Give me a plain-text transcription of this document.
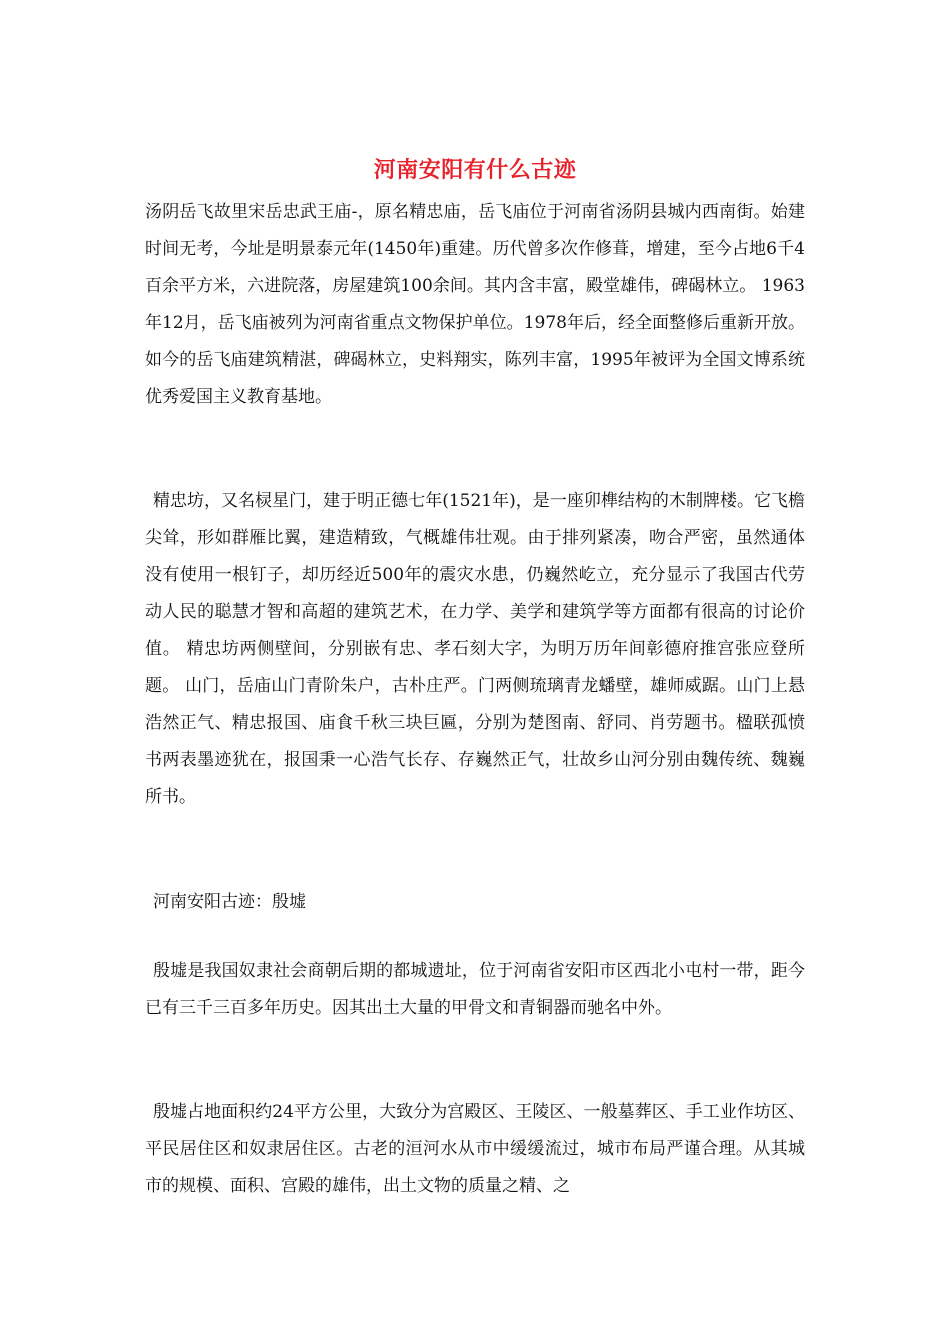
河南安阳有什么古迹

汤阴岳飞故里宋岳忠武王庙-，原名精忠庙，岳飞庙位于河南省汤阴县城内西南街。始建时间无考，今址是明景泰元年(1450年)重建。历代曾多次作修葺，增建，至今占地6千4百余平方米，六进院落，房屋建筑100余间。其内含丰富，殿堂雄伟，碑碣林立。 1963年12月，岳飞庙被列为河南省重点文物保护单位。1978年后，经全面整修后重新开放。如今的岳飞庙建筑精湛，碑碣林立，史料翔实，陈列丰富，1995年被评为全国文博系统优秀爱国主义教育基地。

精忠坊，又名棂星门，建于明正德七年(1521年)，是一座卯榫结构的木制牌楼。它飞檐尖耸，形如群雁比翼，建造精致，气概雄伟壮观。由于排列紧凑，吻合严密，虽然通体没有使用一根钉子，却历经近500年的震灾水患，仍巍然屹立，充分显示了我国古代劳动人民的聪慧才智和高超的建筑艺术，在力学、美学和建筑学等方面都有很高的讨论价值。 精忠坊两侧壁间，分别嵌有忠、孝石刻大字，为明万历年间彰德府推宫张应登所题。 山门，岳庙山门青阶朱户，古朴庄严。门两侧琉璃青龙蟠壁，雄师威踞。山门上悬浩然正气、精忠报国、庙食千秋三块巨匾，分别为楚图南、舒同、肖劳题书。楹联孤愤书两表墨迹犹在，报国秉一心浩气长存、存巍然正气，壮故乡山河分别由魏传统、魏巍所书。

河南安阳古迹：殷墟

殷墟是我国奴隶社会商朝后期的都城遗址，位于河南省安阳市区西北小屯村一带，距今已有三千三百多年历史。因其出土大量的甲骨文和青铜器而驰名中外。

殷墟占地面积约24平方公里，大致分为宫殿区、王陵区、一般墓葬区、手工业作坊区、平民居住区和奴隶居住区。古老的洹河水从市中缓缓流过，城市布局严谨合理。从其城市的规模、面积、宫殿的雄伟，出土文物的质量之精、之
